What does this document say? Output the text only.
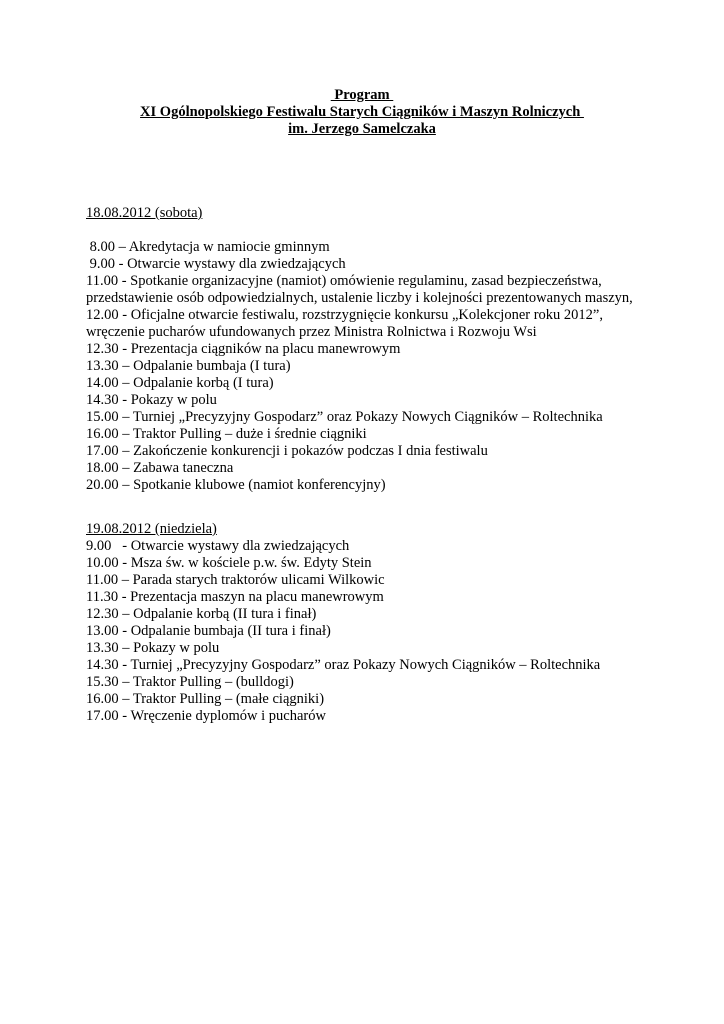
Program
XI Ogólnopolskiego Festiwalu Starych Ciągników i Maszyn Rolniczych
im. Jerzego Samelczaka
18.08.2012 (sobota)
8.00 – Akredytacja w namiocie gminnym
9.00 - Otwarcie wystawy dla zwiedzających
11.00 - Spotkanie organizacyjne (namiot) omówienie regulaminu, zasad bezpieczeństwa,
przedstawienie osób odpowiedzialnych, ustalenie liczby i kolejności prezentowanych maszyn,
12.00 - Oficjalne otwarcie festiwalu, rozstrzygnięcie konkursu „Kolekcjoner roku 2012”,
wręczenie pucharów ufundowanych przez Ministra Rolnictwa i Rozwoju Wsi
12.30 - Prezentacja ciągników na placu manewrowym
13.30 – Odpalanie bumbaja (I tura)
14.00 – Odpalanie korbą (I tura)
14.30 - Pokazy w polu
15.00 – Turniej „Precyzyjny Gospodarz” oraz Pokazy Nowych Ciągników – Roltechnika
16.00 – Traktor Pulling – duże i średnie ciągniki
17.00 – Zakończenie konkurencji i pokazów podczas I dnia festiwalu
18.00 – Zabawa taneczna
20.00 – Spotkanie klubowe (namiot konferencyjny)
19.08.2012 (niedziela)
9.00   - Otwarcie wystawy dla zwiedzających
10.00 - Msza św. w kościele p.w. św. Edyty Stein
11.00 – Parada starych traktorów ulicami Wilkowic
11.30 - Prezentacja maszyn na placu manewrowym
12.30 – Odpalanie korbą (II tura i finał)
13.00 - Odpalanie bumbaja (II tura i finał)
13.30 – Pokazy w polu
14.30 - Turniej „Precyzyjny Gospodarz” oraz Pokazy Nowych Ciągników – Roltechnika
15.30 – Traktor Pulling – (bulldogi)
16.00 – Traktor Pulling – (małe ciągniki)
17.00 - Wręczenie dyplomów i pucharów
